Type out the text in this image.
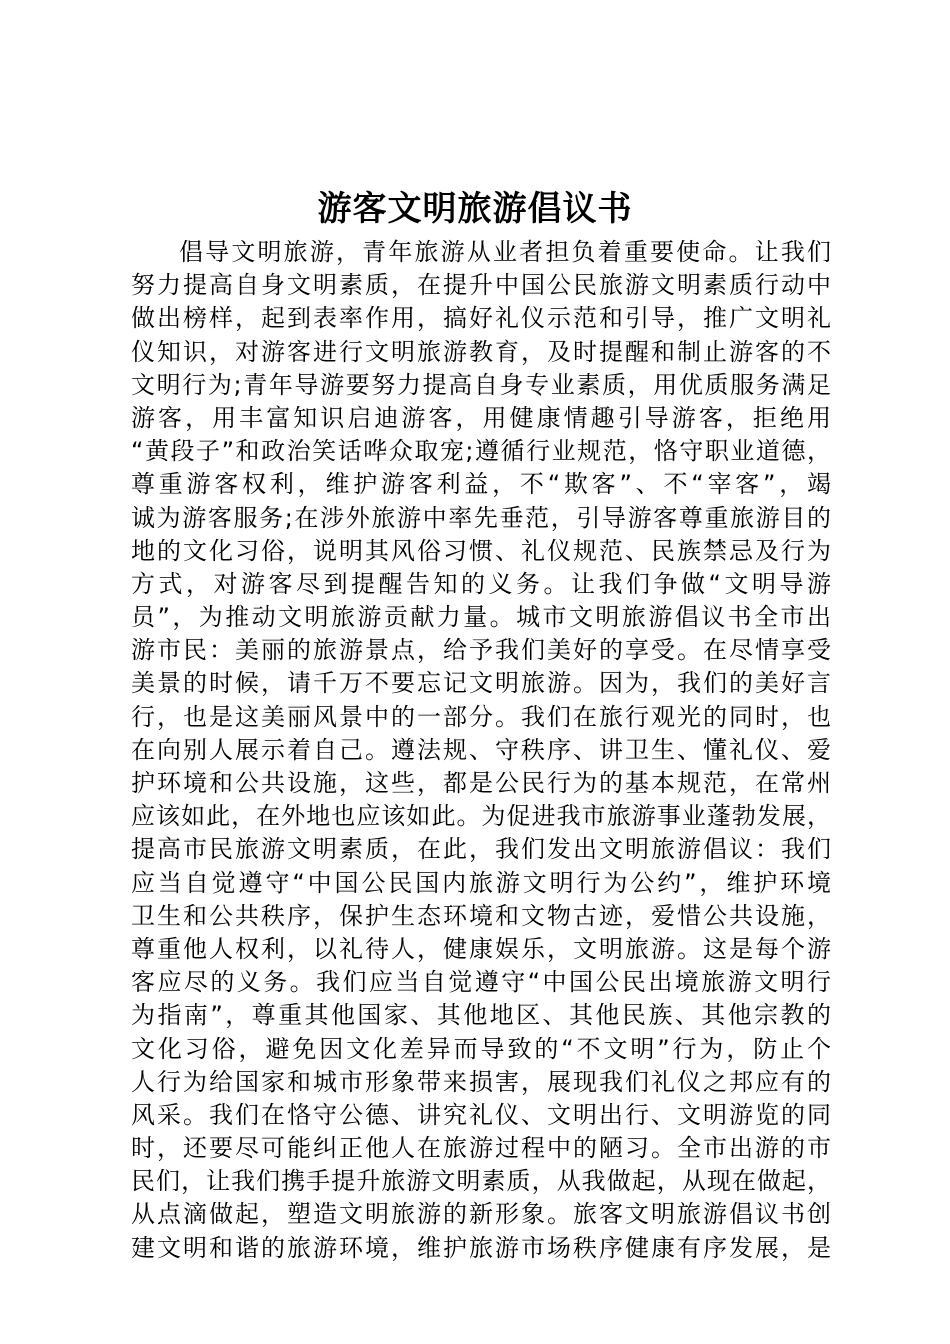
游客文明旅游倡议书
倡导文明旅游，青年旅游从业者担负着重要使命。让我们
努力提高自身文明素质，在提升中国公民旅游文明素质行动中
做出榜样，起到表率作用，搞好礼仪示范和引导，推广文明礼
仪知识，对游客进行文明旅游教育，及时提醒和制止游客的不
文明行为;青年导游要努力提高自身专业素质，用优质服务满足
游客，用丰富知识启迪游客，用健康情趣引导游客，拒绝用
“黄段子”和政治笑话哗众取宠;遵循行业规范，恪守职业道德，
尊重游客权利，维护游客利益，不“欺客”、不“宰客”，竭
诚为游客服务;在涉外旅游中率先垂范，引导游客尊重旅游目的
地的文化习俗，说明其风俗习惯、礼仪规范、民族禁忌及行为
方式，对游客尽到提醒告知的义务。让我们争做“文明导游
员”，为推动文明旅游贡献力量。城市文明旅游倡议书全市出
游市民：美丽的旅游景点，给予我们美好的享受。在尽情享受
美景的时候，请千万不要忘记文明旅游。因为，我们的美好言
行，也是这美丽风景中的一部分。我们在旅行观光的同时，也
在向别人展示着自己。遵法规、守秩序、讲卫生、懂礼仪、爱
护环境和公共设施，这些，都是公民行为的基本规范，在常州
应该如此，在外地也应该如此。为促进我市旅游事业蓬勃发展，
提高市民旅游文明素质，在此，我们发出文明旅游倡议：我们
应当自觉遵守“中国公民国内旅游文明行为公约”，维护环境
卫生和公共秩序，保护生态环境和文物古迹，爱惜公共设施，
尊重他人权利，以礼待人，健康娱乐，文明旅游。这是每个游
客应尽的义务。我们应当自觉遵守“中国公民出境旅游文明行
为指南”，尊重其他国家、其他地区、其他民族、其他宗教的
文化习俗，避免因文化差异而导致的“不文明”行为，防止个
人行为给国家和城市形象带来损害，展现我们礼仪之邦应有的
风采。我们在恪守公德、讲究礼仪、文明出行、文明游览的同
时，还要尽可能纠正他人在旅游过程中的陋习。全市出游的市
民们，让我们携手提升旅游文明素质，从我做起，从现在做起，
从点滴做起，塑造文明旅游的新形象。旅客文明旅游倡议书创
建文明和谐的旅游环境，维护旅游市场秩序健康有序发展，是
